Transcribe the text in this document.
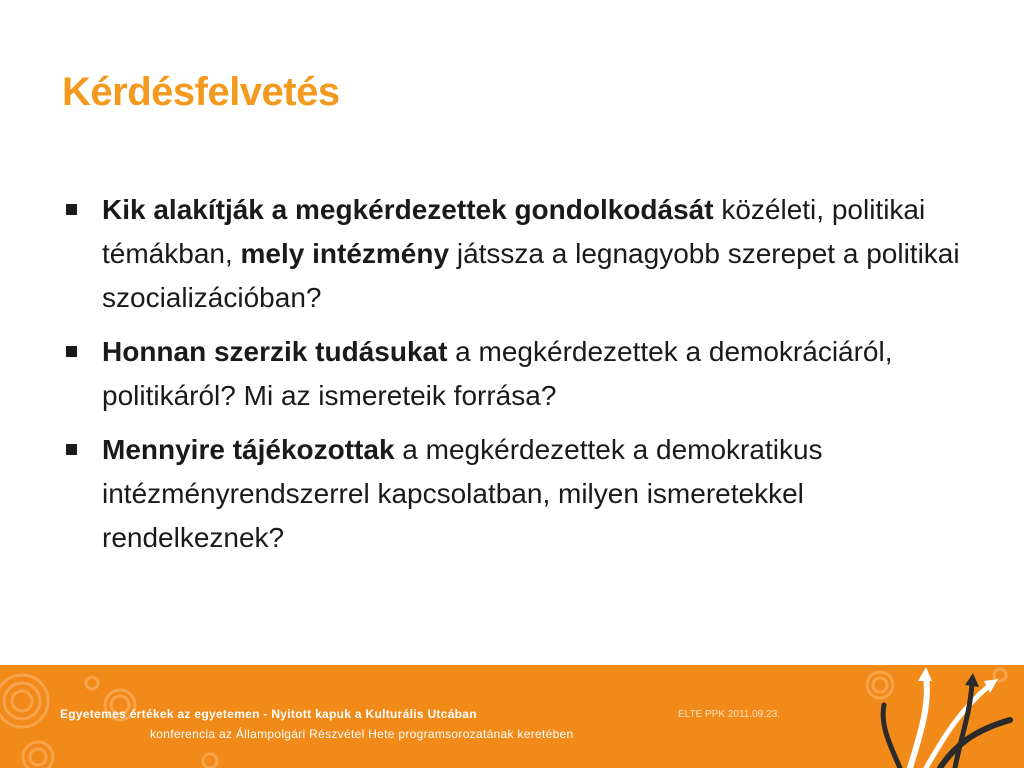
Kérdésfelvetés
Kik alakítják a megkérdezettek gondolkodását közéleti, politikai témákban, mely intézmény játssza a legnagyobb szerepet a politikai szocializációban?
Honnan szerzik tudásukat a megkérdezettek a demokráciáról, politikáról? Mi az ismereteik forrása?
Mennyire tájékozottak a megkérdezettek a demokratikus intézményrendszerrel kapcsolatban, milyen ismeretekkel rendelkeznek?
Egyetemes értékek az egyetemen - Nyitott kapuk a Kulturális Utcában
konferencia az Állampolgári Részvétel Hete programsorozatának keretében
ELTE PPK 2011.09.23.
